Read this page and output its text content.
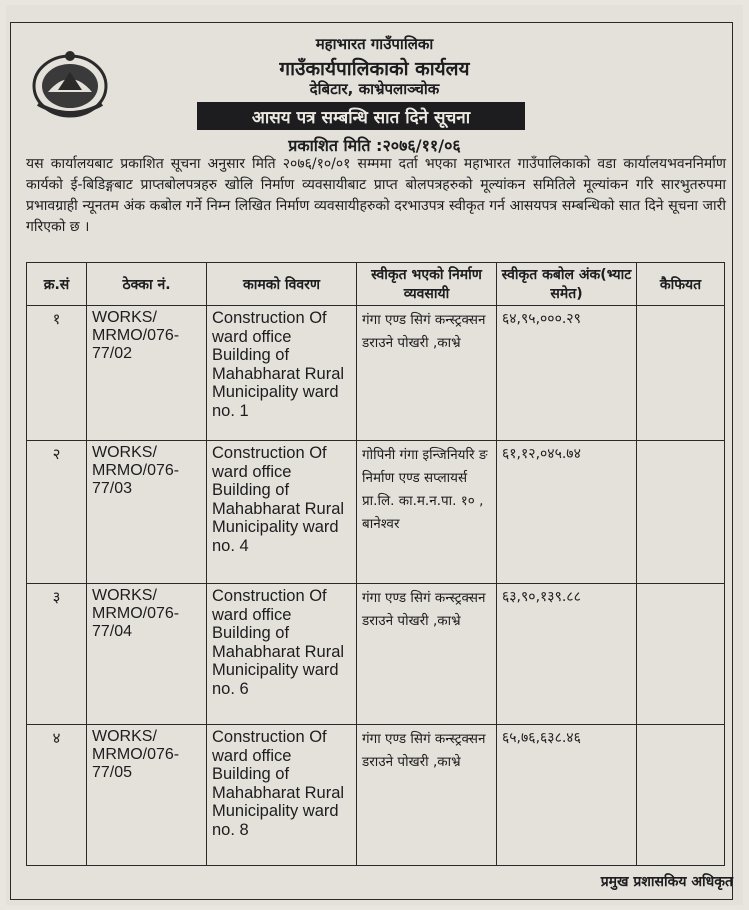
महाभारत गाउँपालिका
गाउँकार्यपालिकाको कार्यलय
देबिटार, काभ्रेपलाञ्चोक
आसय पत्र सम्बन्धि सात दिने सूचना
प्रकाशित मिति :२०७६/११/०६
यस कार्यालयबाट प्रकाशित सूचना अनुसार मिति २०७६/१०/०१ सम्ममा दर्ता भएका महाभारत गाउँपालिकाको वडा कार्यालयभवननिर्माण कार्यको ई-बिडिङ्गबाट प्राप्तबोलपत्रहरु खोलि निर्माण व्यवसायीबाट प्राप्त बोलपत्रहरुको मूल्यांकन समितिले मूल्यांकन गरि सारभुतरुपमा प्रभावग्राही न्यूनतम अंक कबोल गर्ने निम्न लिखित निर्माण व्यवसायीहरुको दरभाउपत्र स्वीकृत गर्न आसयपत्र सम्बन्धिको सात दिने सूचना जारी गरिएको छ ।
क्र.सं	ठेक्का नं.	कामको विवरण	स्वीकृत भएको निर्माण व्यवसायी	स्वीकृत कबोल अंक(भ्याट समेत)	कैफियत
१	WORKS/ MRMO/076-77/02	Construction Of ward office Building of Mahabharat Rural Municipality ward no. 1	गंगा एण्ड सिगं कन्स्ट्रक्सन डराउने पोखरी ,काभ्रे	६४,९५,०००.२९	
२	WORKS/ MRMO/076-77/03	Construction Of ward office Building of Mahabharat Rural Municipality ward no. 4	गोपिनी गंगा इन्जिनियरि ङ निर्माण एण्ड सप्लायर्स प्रा.लि. का.म.न.पा. १० , बानेश्वर	६१,१२,०४५.७४	
३	WORKS/ MRMO/076-77/04	Construction Of ward office Building of Mahabharat Rural Municipality ward no. 6	गंगा एण्ड सिगं कन्स्ट्रक्सन डराउने पोखरी ,काभ्रे	६३,९०,१३९.८८	
४	WORKS/ MRMO/076-77/05	Construction Of ward office Building of Mahabharat Rural Municipality ward no. 8	गंगा एण्ड सिगं कन्स्ट्रक्सन डराउने पोखरी ,काभ्रे	६५,७६,६३८.४६	
प्रमुख प्रशासकिय अधिकृत
